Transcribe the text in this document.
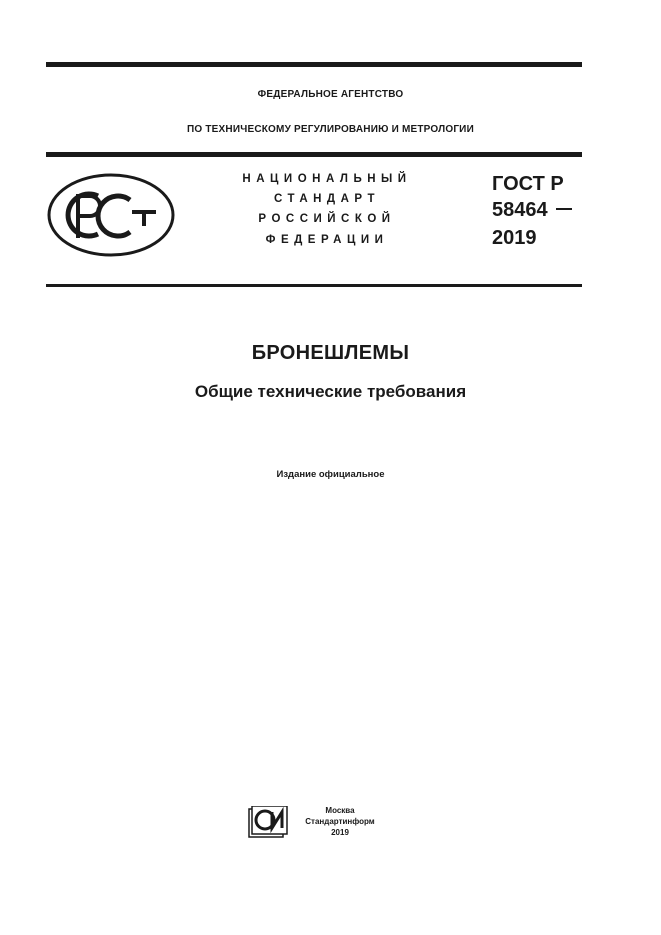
ФЕДЕРАЛЬНОЕ АГЕНТСТВО
ПО ТЕХНИЧЕСКОМУ РЕГУЛИРОВАНИЮ И МЕТРОЛОГИИ
НАЦИОНАЛЬНЫЙ
СТАНДАРТ
РОССИЙСКОЙ
ФЕДЕРАЦИИ
ГОСТ Р
58464
2019
БРОНЕШЛЕМЫ
Общие технические требования
Издание официальное
Москва
Стандартинформ
2019
